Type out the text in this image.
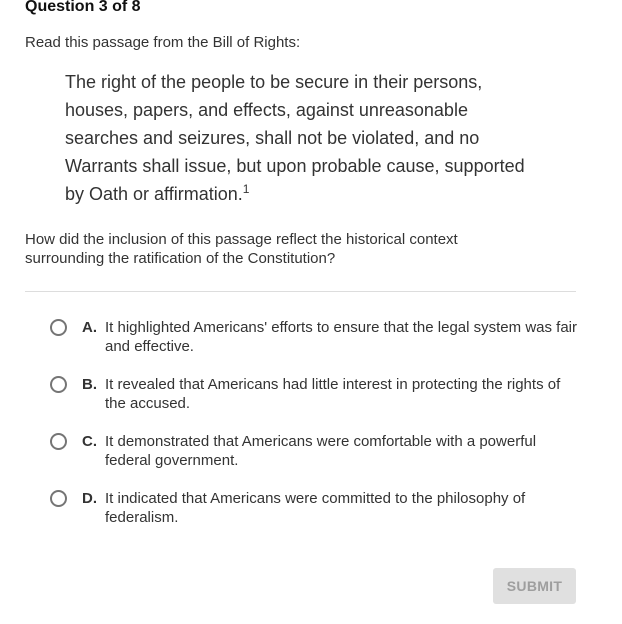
Question 3 of 8
Read this passage from the Bill of Rights:
The right of the people to be secure in their persons, houses, papers, and effects, against unreasonable searches and seizures, shall not be violated, and no Warrants shall issue, but upon probable cause, supported by Oath or affirmation.$^1$
How did the inclusion of this passage reflect the historical context surrounding the ratification of the Constitution?
A. It highlighted Americans' efforts to ensure that the legal system was fair and effective.
B. It revealed that Americans had little interest in protecting the rights of the accused.
C. It demonstrated that Americans were comfortable with a powerful federal government.
D. It indicated that Americans were committed to the philosophy of federalism.
SUBMIT
